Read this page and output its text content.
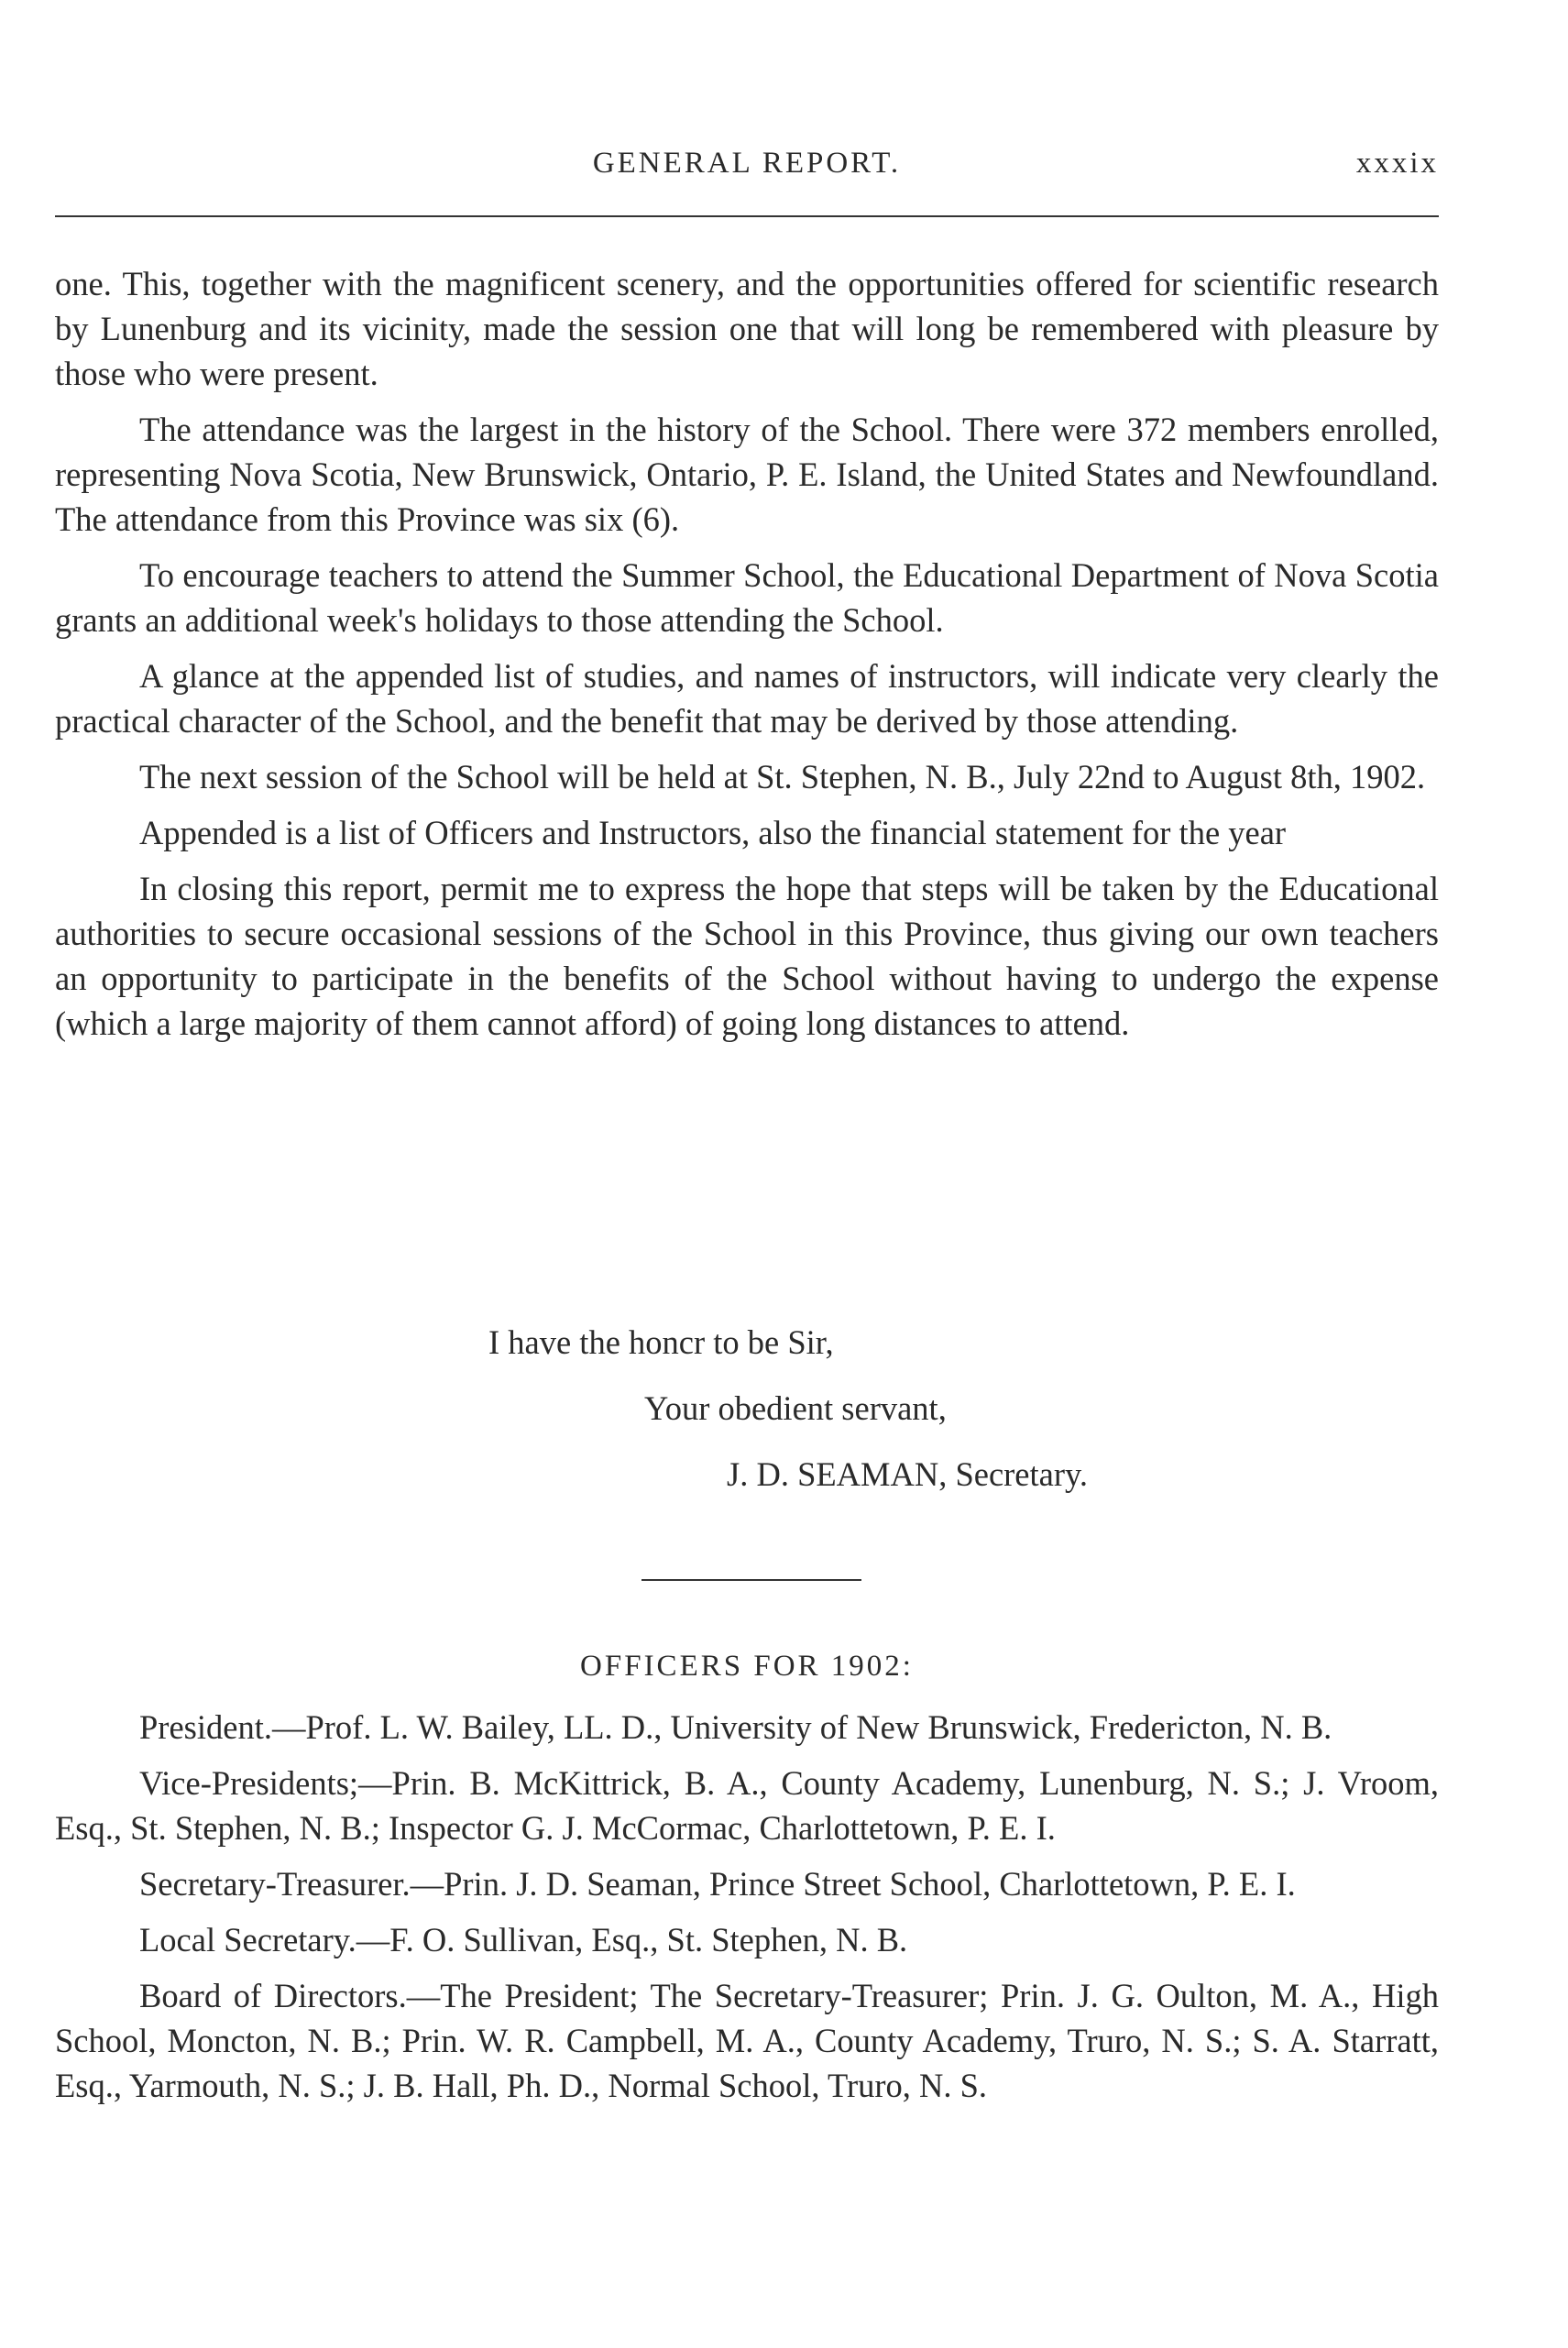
GENERAL REPORT.	xxxix

one. This, together with the magnificent scenery, and the opportunities offered for scientific research by Lunenburg and its vicinity, made the session one that will long be remembered with pleasure by those who were present.

The attendance was the largest in the history of the School. There were 372 members enrolled, representing Nova Scotia, New Brunswick, Ontario, P. E. Island, the United States and Newfoundland. The attendance from this Province was six (6).

To encourage teachers to attend the Summer School, the Educational Department of Nova Scotia grants an additional week's holidays to those attending the School.

A glance at the appended list of studies, and names of instructors, will indicate very clearly the practical character of the School, and the benefit that may be derived by those attending.

The next session of the School will be held at St. Stephen, N. B., July 22nd to August 8th, 1902.

Appended is a list of Officers and Instructors, also the financial statement for the year

In closing this report, permit me to express the hope that steps will be taken by the Educational authorities to secure occasional sessions of the School in this Province, thus giving our own teachers an opportunity to participate in the benefits of the School without having to undergo the expense (which a large majority of them cannot afford) of going long distances to attend.

I have the honcr to be Sir,
Your obedient servant,
J. D. SEAMAN, Secretary.
OFFICERS FOR 1902:

President.—Prof. L. W. Bailey, LL. D., University of New Brunswick, Fredericton, N. B.

Vice-Presidents;—Prin. B. McKittrick, B. A., County Academy, Lunenburg, N. S.; J. Vroom, Esq., St. Stephen, N. B.; Inspector G. J. McCormac, Charlottetown, P. E. I.

Secretary-Treasurer.—Prin. J. D. Seaman, Prince Street School, Charlottetown, P. E. I.

Local Secretary.—F. O. Sullivan, Esq., St. Stephen, N. B.

Board of Directors.—The President; The Secretary-Treasurer; Prin. J. G. Oulton, M. A., High School, Moncton, N. B.; Prin. W. R. Campbell, M. A., County Academy, Truro, N. S.; S. A. Starratt, Esq., Yarmouth, N. S.; J. B. Hall, Ph. D., Normal School, Truro, N. S.
